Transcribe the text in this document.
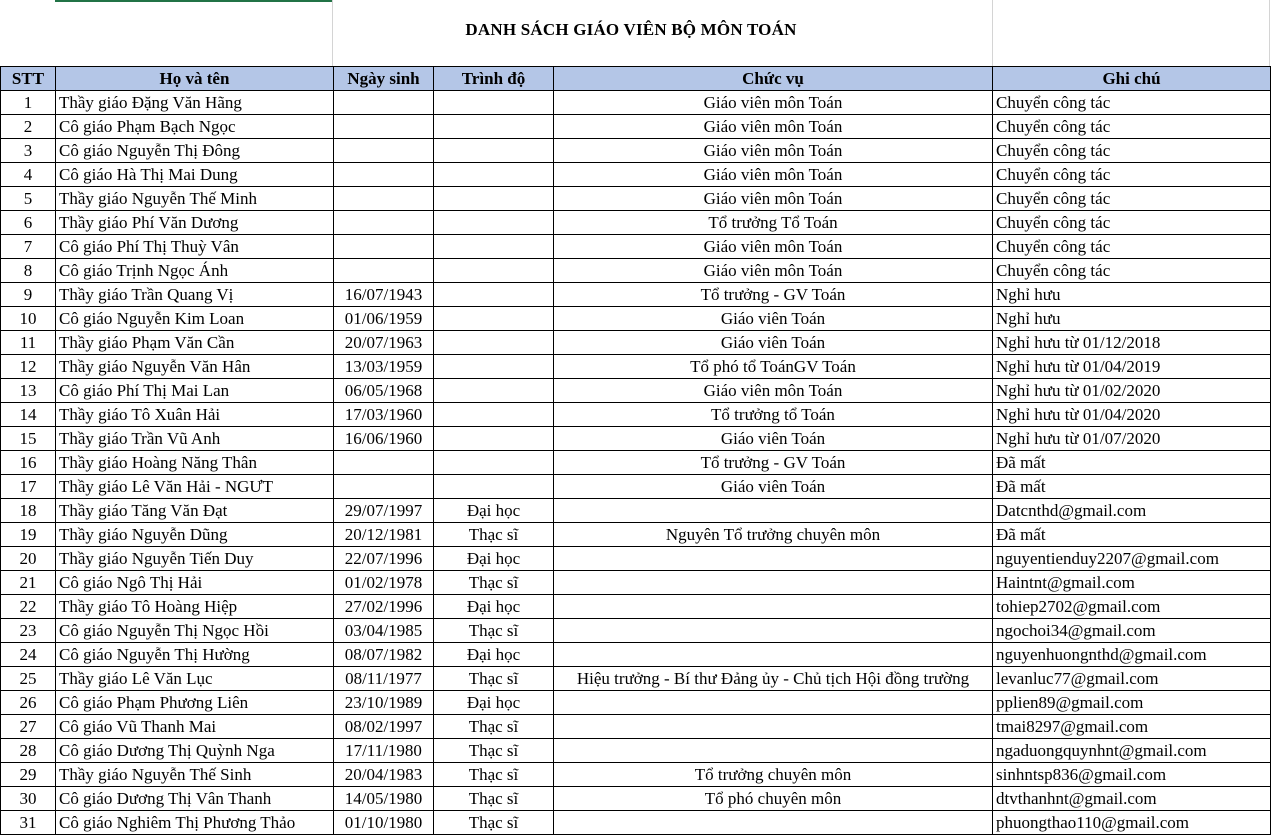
DANH SÁCH GIÁO VIÊN BỘ MÔN TOÁN
STT	Họ và tên	Ngày sinh	Trình độ	Chức vụ	Ghi chú
1	Thầy giáo Đặng Văn Hãng			Giáo viên môn Toán	Chuyển công tác
2	Cô giáo Phạm Bạch Ngọc			Giáo viên môn Toán	Chuyển công tác
3	Cô giáo Nguyễn Thị Đông			Giáo viên môn Toán	Chuyển công tác
4	Cô giáo Hà Thị Mai Dung			Giáo viên môn Toán	Chuyển công tác
5	Thầy giáo Nguyễn Thế Minh			Giáo viên môn Toán	Chuyển công tác
6	Thầy giáo Phí Văn Dương			Tổ trưởng Tổ Toán	Chuyển công tác
7	Cô giáo Phí Thị Thuỳ Vân			Giáo viên môn Toán	Chuyển công tác
8	Cô giáo Trịnh Ngọc Ánh			Giáo viên môn Toán	Chuyển công tác
9	Thầy giáo Trần Quang Vị	16/07/1943		Tổ trưởng - GV Toán	Nghỉ hưu
10	Cô giáo Nguyễn Kim Loan	01/06/1959		Giáo viên Toán	Nghỉ hưu
11	Thầy giáo Phạm Văn Cần	20/07/1963		Giáo viên Toán	Nghỉ hưu từ 01/12/2018
12	Thầy giáo Nguyễn Văn Hân	13/03/1959		Tổ phó tổ ToánGV Toán	Nghỉ hưu từ 01/04/2019
13	Cô giáo Phí Thị Mai Lan	06/05/1968		Giáo viên môn Toán	Nghỉ hưu từ 01/02/2020
14	Thầy giáo Tô Xuân Hải	17/03/1960		Tổ trưởng tổ Toán	Nghỉ hưu từ 01/04/2020
15	Thầy giáo Trần Vũ Anh	16/06/1960		Giáo viên Toán	Nghỉ hưu từ 01/07/2020
16	Thầy giáo Hoàng Năng Thân			Tổ trưởng - GV Toán	Đã mất
17	Thầy giáo Lê Văn Hải - NGƯT			Giáo viên Toán	Đã mất
18	Thầy giáo Tăng Văn Đạt	29/07/1997	Đại học		Datcnthd@gmail.com
19	Thầy giáo Nguyễn Dũng	20/12/1981	Thạc sĩ	Nguyên Tổ trưởng chuyên môn	Đã mất
20	Thầy giáo Nguyễn Tiến Duy	22/07/1996	Đại học		nguyentienduy2207@gmail.com
21	Cô giáo Ngô Thị Hải	01/02/1978	Thạc sĩ		Haintnt@gmail.com
22	Thầy giáo Tô Hoàng Hiệp	27/02/1996	Đại học		tohiep2702@gmail.com
23	Cô giáo Nguyễn Thị Ngọc Hồi	03/04/1985	Thạc sĩ		ngochoi34@gmail.com
24	Cô giáo Nguyễn Thị Hường	08/07/1982	Đại học		nguyenhuongnthd@gmail.com
25	Thầy giáo Lê Văn Lục	08/11/1977	Thạc sĩ	Hiệu trưởng - Bí thư Đảng ủy - Chủ tịch Hội đồng trường	levanluc77@gmail.com
26	Cô giáo Phạm Phương Liên	23/10/1989	Đại học		pplien89@gmail.com
27	Cô giáo Vũ Thanh Mai	08/02/1997	Thạc sĩ		tmai8297@gmail.com
28	Cô giáo Dương Thị Quỳnh Nga	17/11/1980	Thạc sĩ		ngaduongquynhnt@gmail.com
29	Thầy giáo Nguyễn Thế Sinh	20/04/1983	Thạc sĩ	Tổ trưởng chuyên môn	sinhntsp836@gmail.com
30	Cô giáo Dương Thị Vân Thanh	14/05/1980	Thạc sĩ	Tổ phó chuyên môn	dtvthanhnt@gmail.com
31	Cô giáo Nghiêm Thị Phương Thảo	01/10/1980	Thạc sĩ		phuongthao110@gmail.com
